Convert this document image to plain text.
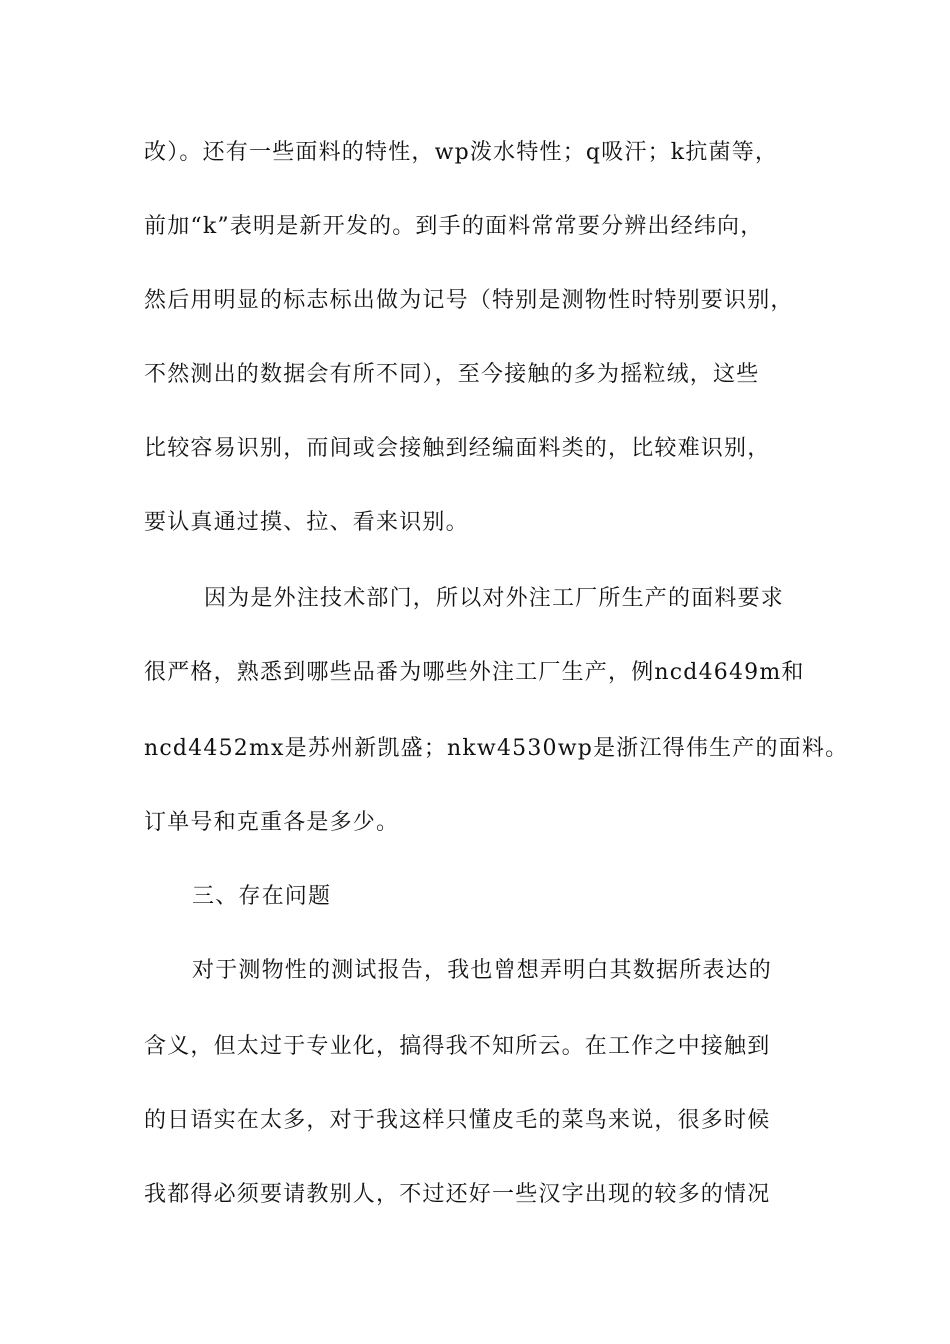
改）。还有一些面料的特性，wp泼水特性；q吸汗；k抗菌等，
前加“k”表明是新开发的。到手的面料常常要分辨出经纬向，
然后用明显的标志标出做为记号（特别是测物性时特别要识别，
不然测出的数据会有所不同），至今接触的多为摇粒绒，这些
比较容易识别，而间或会接触到经编面料类的，比较难识别，
要认真通过摸、拉、看来识别。
因为是外注技术部门，所以对外注工厂所生产的面料要求
很严格，熟悉到哪些品番为哪些外注工厂生产，例ncd4649m和
ncd4452mx是苏州新凯盛；nkw4530wp是浙江得伟生产的面料。
订单号和克重各是多少。
三、存在问题
对于测物性的测试报告，我也曾想弄明白其数据所表达的
含义，但太过于专业化，搞得我不知所云。在工作之中接触到
的日语实在太多，对于我这样只懂皮毛的菜鸟来说，很多时候
我都得必须要请教别人，不过还好一些汉字出现的较多的情况
